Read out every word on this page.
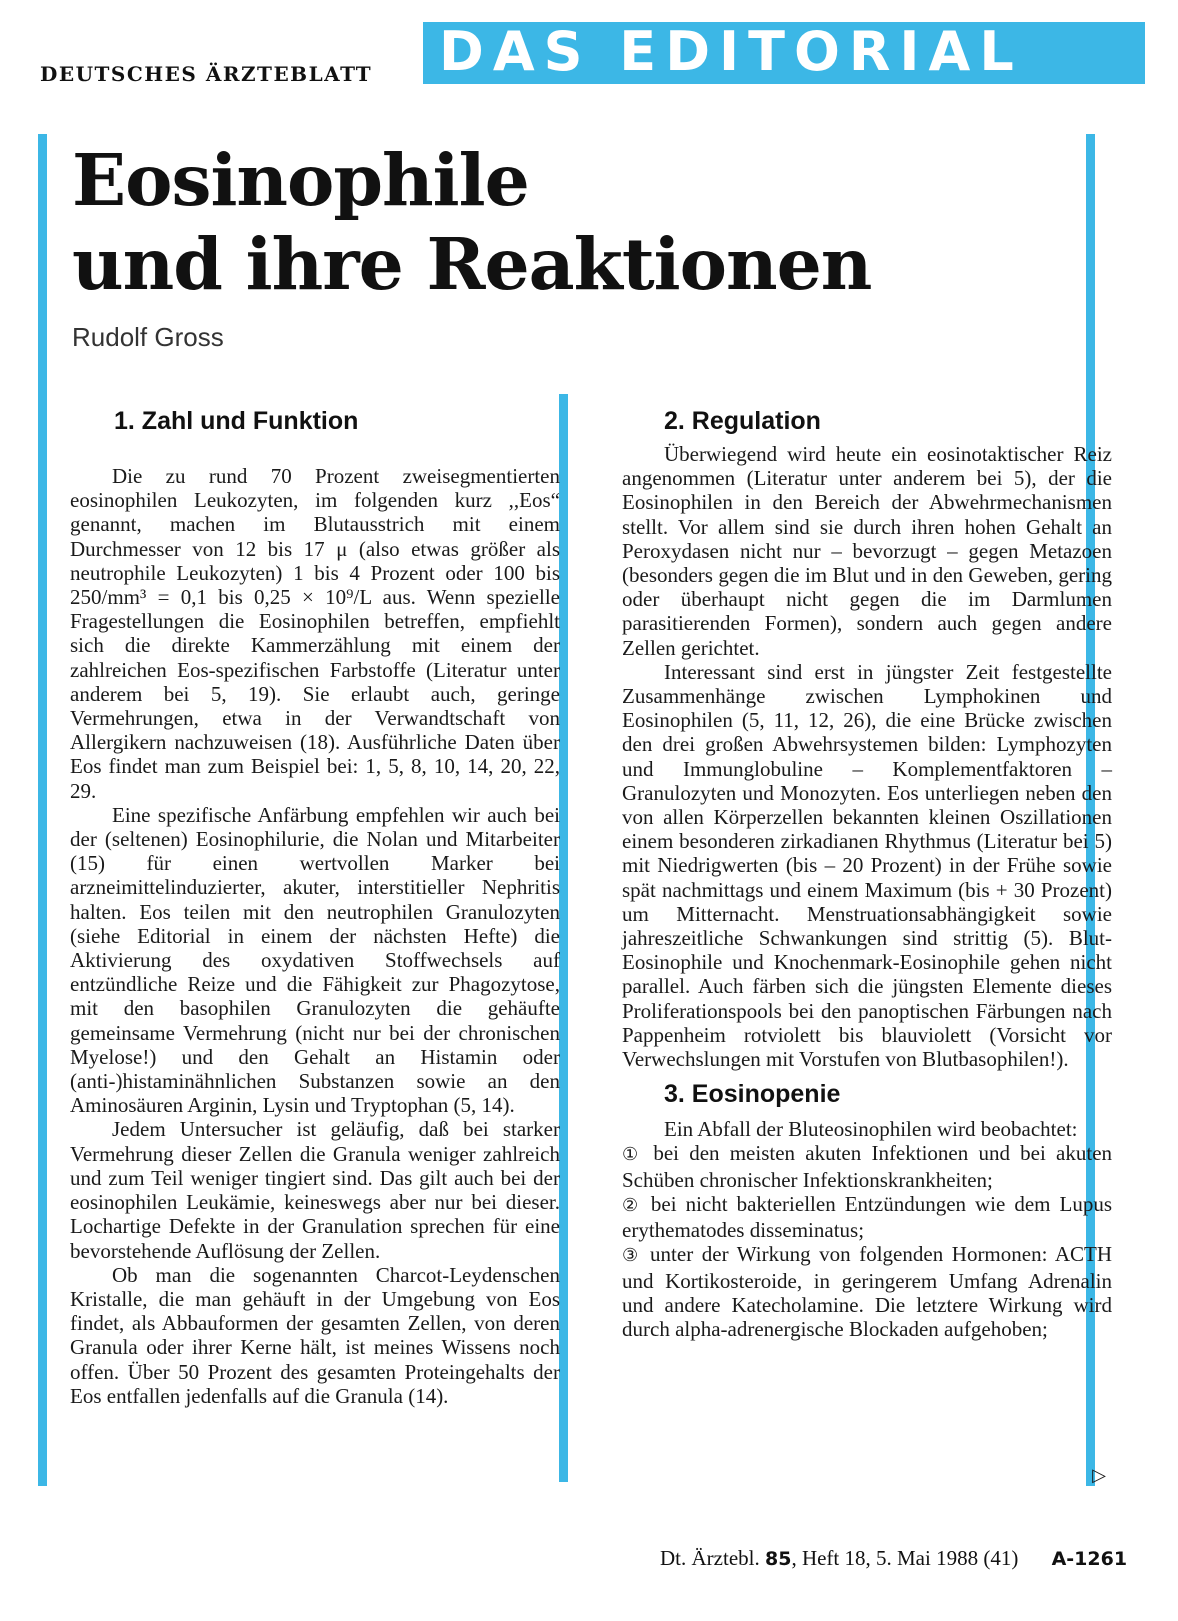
DEUTSCHES ÄRZTEBLATT DAS EDITORIAL
Eosinophile
und ihre Reaktionen
Rudolf Gross
1. Zahl und Funktion

Die zu rund 70 Prozent zweisegmentierten eosinophilen Leukozyten, im folgenden kurz ,,Eos“ genannt, machen im Blutausstrich mit einem Durchmesser von 12 bis 17 μ (also etwas größer als neutrophile Leukozyten) 1 bis 4 Prozent oder 100 bis 250/mm³ = 0,1 bis 0,25 × 10⁹/L aus. Wenn spezielle Fragestellungen die Eosinophilen betreffen, empfiehlt sich die direkte Kammerzählung mit einem der zahlreichen Eos-spezifischen Farbstoffe (Literatur unter anderem bei 5, 19). Sie erlaubt auch, geringe Vermehrungen, etwa in der Verwandtschaft von Allergikern nachzuweisen (18). Ausführliche Daten über Eos findet man zum Beispiel bei: 1, 5, 8, 10, 14, 20, 22, 29.

Eine spezifische Anfärbung empfehlen wir auch bei der (seltenen) Eosinophilurie, die Nolan und Mitarbeiter (15) für einen wertvollen Marker bei arzneimittelinduzierter, akuter, interstitieller Nephritis halten. Eos teilen mit den neutrophilen Granulozyten (siehe Editorial in einem der nächsten Hefte) die Aktivierung des oxydativen Stoffwechsels auf entzündliche Reize und die Fähigkeit zur Phagozytose, mit den basophilen Granulozyten die gehäufte gemeinsame Vermehrung (nicht nur bei der chronischen Myelose!) und den Gehalt an Histamin oder (anti-)histaminähnlichen Substanzen sowie an den Aminosäuren Arginin, Lysin und Tryptophan (5, 14).

Jedem Untersucher ist geläufig, daß bei starker Vermehrung dieser Zellen die Granula weniger zahlreich und zum Teil weniger tingiert sind. Das gilt auch bei der eosinophilen Leukämie, keineswegs aber nur bei dieser. Lochartige Defekte in der Granulation sprechen für eine bevorstehende Auflösung der Zellen.

Ob man die sogenannten Charcot-Leydenschen Kristalle, die man gehäuft in der Umgebung von Eos findet, als Abbauformen der gesamten Zellen, von deren Granula oder ihrer Kerne hält, ist meines Wissens noch offen. Über 50 Prozent des gesamten Proteingehalts der Eos entfallen jedenfalls auf die Granula (14).

2. Regulation

Überwiegend wird heute ein eosinotaktischer Reiz angenommen (Literatur unter anderem bei 5), der die Eosinophilen in den Bereich der Abwehrmechanismen stellt. Vor allem sind sie durch ihren hohen Gehalt an Peroxydasen nicht nur – bevorzugt – gegen Metazoen (besonders gegen die im Blut und in den Geweben, gering oder überhaupt nicht gegen die im Darmlumen parasitierenden Formen), sondern auch gegen andere Zellen gerichtet.

Interessant sind erst in jüngster Zeit festgestellte Zusammenhänge zwischen Lymphokinen und Eosinophilen (5, 11, 12, 26), die eine Brücke zwischen den drei großen Abwehrsystemen bilden: Lymphozyten und Immunglobuline – Komplementfaktoren – Granulozyten und Monozyten. Eos unterliegen neben den von allen Körperzellen bekannten kleinen Oszillationen einem besonderen zirkadianen Rhythmus (Literatur bei 5) mit Niedrigwerten (bis – 20 Prozent) in der Frühe sowie spät nachmittags und einem Maximum (bis + 30 Prozent) um Mitternacht. Menstruationsabhängigkeit sowie jahreszeitliche Schwankungen sind strittig (5). Blut-Eosinophile und Knochenmark-Eosinophile gehen nicht parallel. Auch färben sich die jüngsten Elemente dieses Proliferationspools bei den panoptischen Färbungen nach Pappenheim rotviolett bis blauviolett (Vorsicht vor Verwechslungen mit Vorstufen von Blutbasophilen!).

3. Eosinopenie

Ein Abfall der Bluteosinophilen wird beobachtet:

① bei den meisten akuten Infektionen und bei akuten Schüben chronischer Infektionskrankheiten;

② bei nicht bakteriellen Entzündungen wie dem Lupus erythematodes disseminatus;

③ unter der Wirkung von folgenden Hormonen: ACTH und Kortikosteroide, in geringerem Umfang Adrenalin und andere Katecholamine. Die letztere Wirkung wird durch alpha-adrenergische Blockaden aufgehoben;

▷
Dt. Ärztebl. 85, Heft 18, 5. Mai 1988 (41) A-1261
